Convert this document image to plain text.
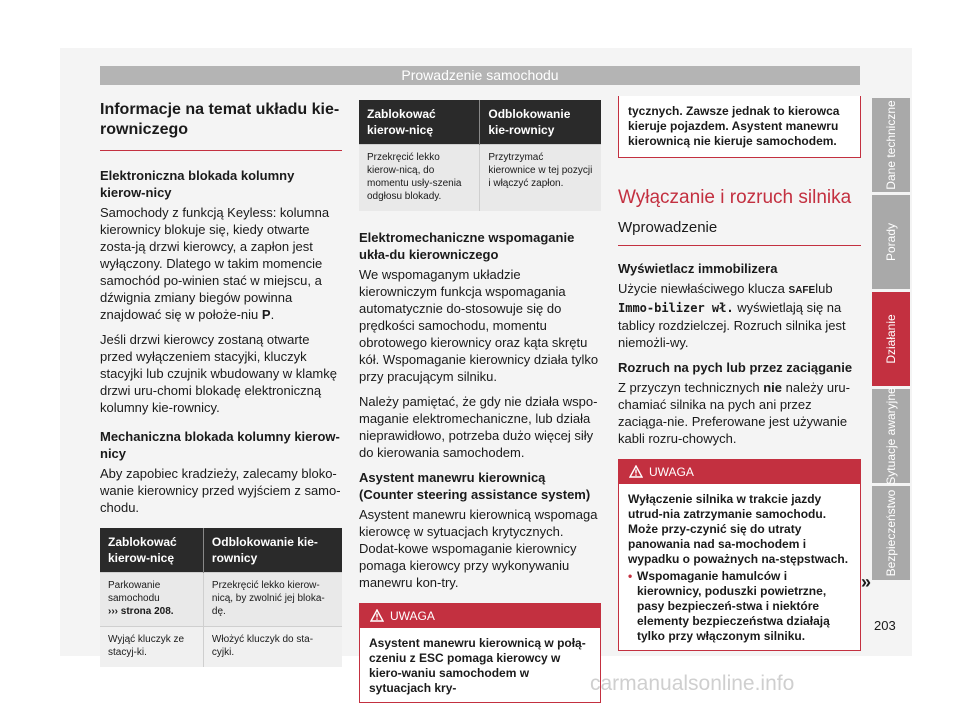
Prowadzenie samochodu
Informacje na temat układu kie-rowniczego
Elektroniczna blokada kolumny kierow-nicy

Samochody z funkcją Keyless: kolumna kierownicy blokuje się, kiedy otwarte zosta-ją drzwi kierowcy, a zapłon jest wyłączony. Dlatego w takim momencie samochód po-winien stać w miejscu, a dźwignia zmiany biegów powinna znajdować się w położe-niu P.

Jeśli drzwi kierowcy zostaną otwarte przed wyłączeniem stacyjki, kluczyk stacyjki lub czujnik wbudowany w klamkę drzwi uru-chomi blokadę elektroniczną kolumny kie-rownicy.

Mechaniczna blokada kolumny kierow-nicy

Aby zapobiec kradzieży, zalecamy bloko-wanie kierownicy przed wyjściem z samo-chodu.

Zablokować kierow-nicę	Odblokowanie kie-rownicy
Parkowanie samochodu
››› strona 208.	Przekręcić lekko kierow-nicą, by zwolnić jej bloka-dę.
Wyjąć kluczyk ze stacyj-ki.	Włożyć kluczyk do sta-cyjki.
Zablokować kierow-nicę	Odblokowanie kie-rownicy
Przekręcić lekko kierow-nicą, do momentu usły-szenia odgłosu blokady.	Przytrzymać kierownice w tej pozycji i włączyć zapłon.
Elektromechaniczne wspomaganie ukła-du kierowniczego

We wspomaganym układzie kierowniczym funkcja wspomagania automatycznie do-stosowuje się do prędkości samochodu, momentu obrotowego kierownicy oraz kąta skrętu kół. Wspomaganie kierownicy działa tylko przy pracującym silniku.

Należy pamiętać, że gdy nie działa wspo-maganie elektromechaniczne, lub działa nieprawidłowo, potrzeba dużo więcej siły do kierowania samochodem.

Asystent manewru kierownicą (Counter steering assistance system)

Asystent manewru kierownicą wspomaga kierowcę w sytuacjach krytycznych. Dodat-kowe wspomaganie kierownicy pomaga kierowcy przy wykonywaniu manewru kon-try.

UWAGA
Asystent manewru kierownicą w połą-czeniu z ESC pomaga kierowcy w kiero-waniu samochodem w sytuacjach kry-
tycznych. Zawsze jednak to kierowca kieruje pojazdem. Asystent manewru kierownicą nie kieruje samochodem.
Wyłączanie i rozruch silnika
Wprowadzenie
Wyświetlacz immobilizera

Użycie niewłaściwego klucza SAFElub Immo-bilizer wł. wyświetlają się na tablicy rozdzielczej. Rozruch silnika jest niemożli-wy.

Rozruch na pych lub przez zaciąganie

Z przyczyn technicznych nie należy uru-chamiać silnika na pych ani przez zaciąga-nie. Preferowane jest używanie kabli rozru-chowych.

UWAGA
Wyłączenie silnika w trakcie jazdy utrud-nia zatrzymanie samochodu. Może przy-czynić się do utraty panowania nad sa-mochodem i wypadku o poważnych na-stępstwach.
• Wspomaganie hamulców i kierownicy, poduszki powietrzne, pasy bezpieczeń-stwa i niektóre elementy bezpieczeństwa działają tylko przy włączonym silniku.
Dane techniczne
Porady
Działanie
Sytuacje awaryjne
Bezpieczeństwo
»
203
carmanualsonline.info
